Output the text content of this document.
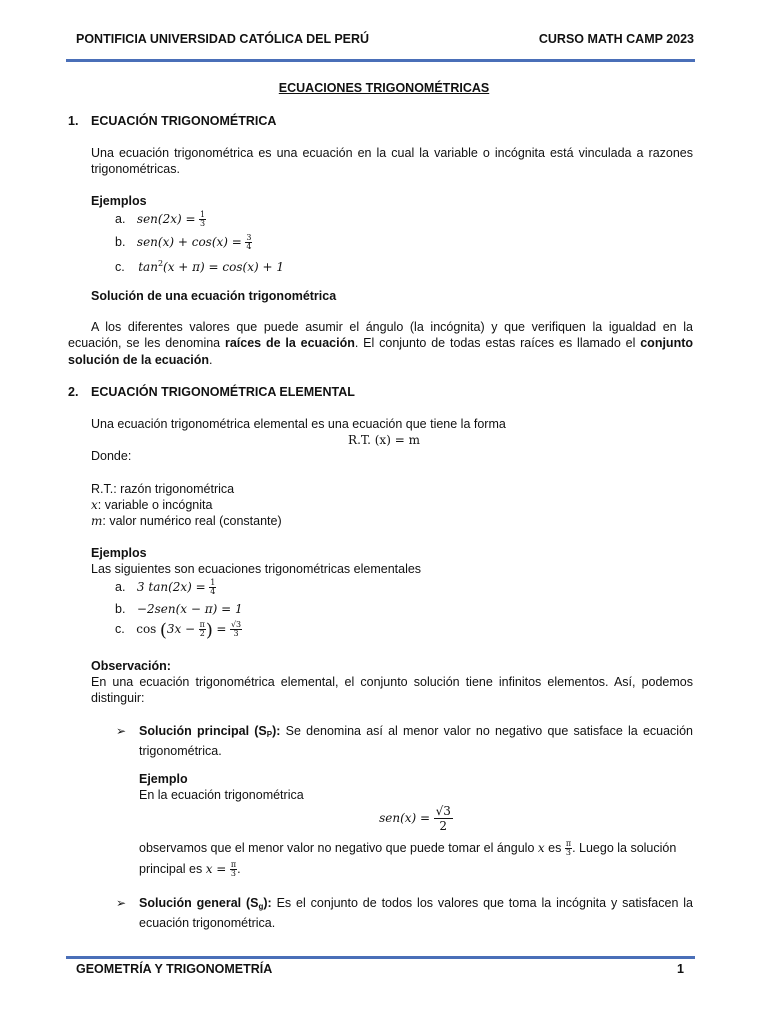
PONTIFICIA UNIVERSIDAD CATÓLICA DEL PERÚ	CURSO MATH CAMP 2023
ECUACIONES TRIGONOMÉTRICAS
1. ECUACIÓN TRIGONOMÉTRICA
Una ecuación trigonométrica es una ecuación en la cual la variable o incógnita está vinculada a razones trigonométricas.
Ejemplos
a. $sen(2x) = \frac{1}{3}$
b. $sen(x) + \cos(x) = \frac{3}{4}$
c. $\tan^2(x + \pi) = \cos(x) + 1$
Solución de una ecuación trigonométrica
A los diferentes valores que puede asumir el ángulo (la incógnita) y que verifiquen la igualdad en la ecuación, se les denomina raíces de la ecuación. El conjunto de todas estas raíces es llamado el conjunto solución de la ecuación.
2. ECUACIÓN TRIGONOMÉTRICA ELEMENTAL
Una ecuación trigonométrica elemental es una ecuación que tiene la forma
R.T. (x) = m
Donde:
R.T.: razón trigonométrica
x: variable o incógnita
m: valor numérico real (constante)
Ejemplos
Las siguientes son ecuaciones trigonométricas elementales
a. 3 $\tan(2x) = \frac{1}{4}$
b. −2sen(x − π) = 1
c. $\cos (3x - \frac{\pi}{2}$ ) = $\frac{√3}{3}$
Observación:
En una ecuación trigonométrica elemental, el conjunto solución tiene infinitos elementos. Así, podemos distinguir:
➢ Solución principal $(S_P)$: Se denomina así al menor valor no negativo que satisface la ecuación trigonométrica.
Ejemplo
En la ecuación trigonométrica
$sen(x) = \frac{√3}{2}$
observamos que el menor valor no negativo que puede tomar el ángulo x es $\frac{\pi}{3}$ . Luego la solución
principal es $x = \frac{\pi}{3}$ .
➢ Solución general $(S_g)$: Es el conjunto de todos los valores que toma la incógnita y satisfacen la ecuación trigonométrica.
GEOMETRÍA Y TRIGONOMETRÍA	1
